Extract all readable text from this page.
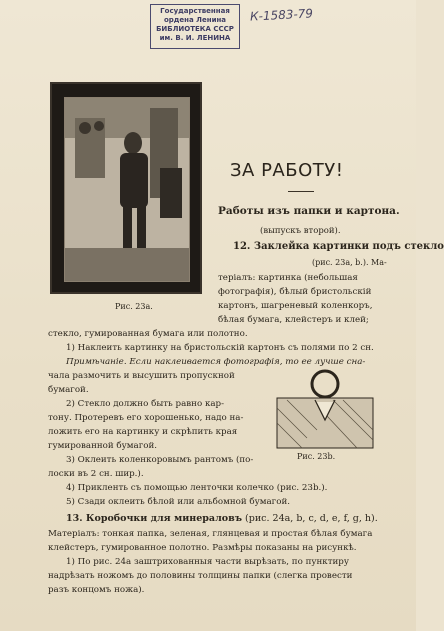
Государственная
ордена Ленина
БИБЛИОТЕКА СССР
им. В. И. ЛЕНИНА
К-1583-79
Рис. 23а.
ЗА РАБОТУ!
Работы изъ папки и картона.
(выпускъ второй).
12. Заклейка картинки подъ стекло
(рис. 23а, b.). Ма-
теріалъ: картинка (небольшая
фотографія), бѣлый бристольскій
картонъ, шагреневый коленкоръ,
бѣлая бумага, клейстеръ и клей;
стекло, гумированная бумага или полотно.
1) Наклеить картинку на бристольскій картонъ съ полями по 2 сн.
Примѣчаніе. Если наклеивается фотографія, то ее лучше сна-
чала размочить и высушить пропускной
бумагой.
2) Стекло должно быть равно кар-
тону. Протеревъ его хорошенько, надо на-
ложить его на картинку и скрѣпить края
гумированной бумагой.
3) Оклеить коленкоровымъ рантомъ (по-
лоски въ 2 сн. шир.).
4) Прикленть съ помощью ленточки колечко (рис. 23b.).
5) Сзади оклеить бѣлой или альбомной бумагой.
Рис. 23b.
13. Коробочки для минераловъ (рис. 24а, b, c, d, e, f, g, h).
Матеріалъ: тонкая папка, зеленая, глянцевая и простая бѣлая бумага
клейстеръ, гумированное полотно. Размѣры показаны на рисункѣ.
1) По рис. 24а заштрихованныя части вырѣзать, по пунктиру
надрѣзать ножомъ до половины толщины папки (слегка провести
разъ концомъ ножа).
